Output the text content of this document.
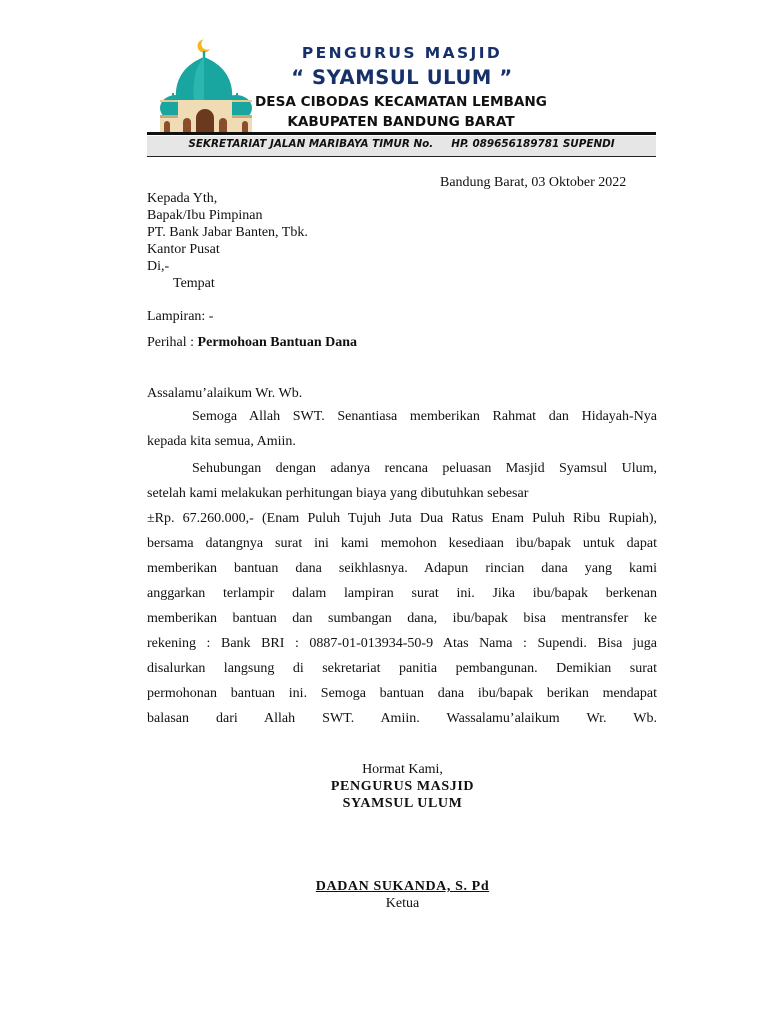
PENGURUS MASJID
“ SYAMSUL ULUM ”
DESA CIBODAS KECAMATAN LEMBANG
KABUPATEN BANDUNG BARAT
SEKRETARIAT JALAN MARIBAYA TIMUR No. HP. 089656189781 SUPENDI
Bandung Barat, 03 Oktober 2022
Kepada Yth,
Bapak/Ibu Pimpinan
PT. Bank Jabar Banten, Tbk.
Kantor Pusat
Di,-
Tempat
Lampiran: -
Perihal : Permohoan Bantuan Dana
Assalamu’alaikum Wr. Wb.
Semoga Allah SWT. Senantiasa memberikan Rahmat dan Hidayah-Nya
kepada kita semua, Amiin.
Sehubungan dengan adanya rencana peluasan Masjid Syamsul Ulum,
setelah kami melakukan perhitungan biaya yang dibutuhkan sebesar
±Rp. 67.260.000,- (Enam Puluh Tujuh Juta Dua Ratus Enam Puluh Ribu Rupiah),
bersama datangnya surat ini kami memohon kesediaan ibu/bapak untuk dapat
memberikan bantuan dana seikhlasnya. Adapun rincian dana yang kami
anggarkan terlampir dalam lampiran surat ini. Jika ibu/bapak berkenan
memberikan bantuan dan sumbangan dana, ibu/bapak bisa mentransfer ke
rekening : Bank BRI : 0887-01-013934-50-9 Atas Nama : Supendi. Bisa juga
disalurkan langsung di sekretariat panitia pembangunan. Demikian surat
permohonan bantuan ini. Semoga bantuan dana ibu/bapak berikan mendapat
balasan dari Allah SWT. Amiin. Wassalamu’alaikum Wr. Wb.
Hormat Kami,
PENGURUS MASJID
SYAMSUL ULUM
DADAN SUKANDA, S. Pd
Ketua
